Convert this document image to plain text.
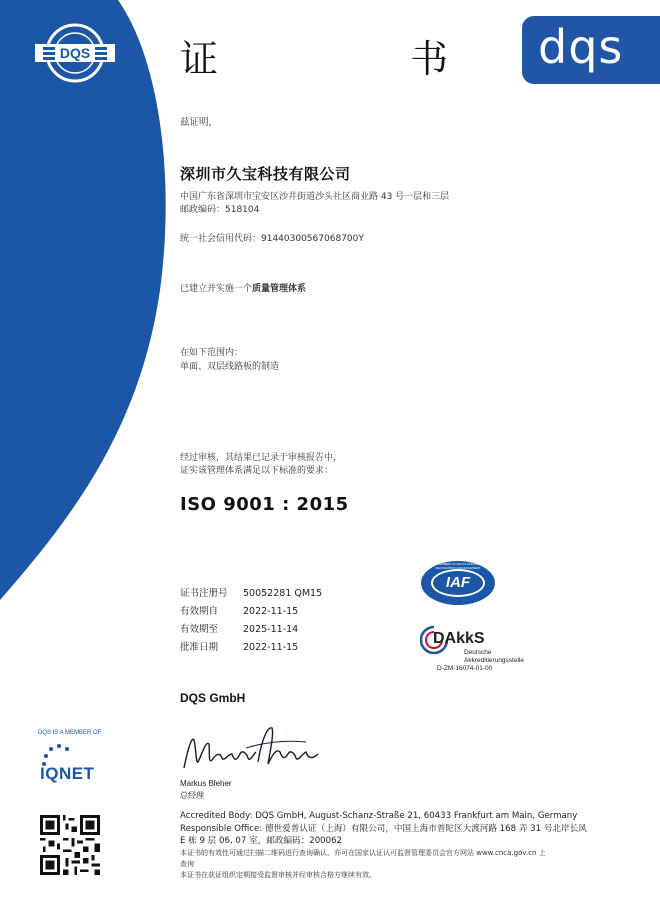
DQS 证  书 dqs
兹证明，
深圳市久宝科技有限公司
中国广东省深圳市宝安区沙井街道沙头社区商业路 43 号一层和三层
邮政编码：518104
统一社会信用代码：91440300567068700Y
已建立并实施一个质量管理体系
在如下范围内：
单面、双层线路板的制造
经过审核，其结果已记录于审核报告中，
证实该管理体系满足以下标准的要求：
ISO 9001 : 2015
证书注册号 50052281 QM15
有效期自	2022-11-15
有效期至	2025-11-14
批准日期	2022-11-15
IAF
MEMBER OF MULTILATERAL RECOGNITION ARRANGEMENT
DAkkS
Deutsche
Akkreditierungsstelle
D-ZM-16074-01-00
DQS GmbH
Markus Bleher
总经理
DQS IS A MEMBER OF
IQNET
Accredited Body: DQS GmbH, August-Schanz-Straße 21, 60433 Frankfurt am Main, Germany
Responsible Office: 德世爱普认证（上海）有限公司，中国上海市普陀区大渡河路 168 弄 31 号北岸长风
E 栋 9 层 06, 07 室，邮政编码：200062
本证书的有效性可通过扫描二维码进行查询确认，亦可在国家认证认可监督管理委员会官方网站 www.cnca.gov.cn 上
查询
本证书在获证组织定期接受监督审核并经审核合格方继续有效。
